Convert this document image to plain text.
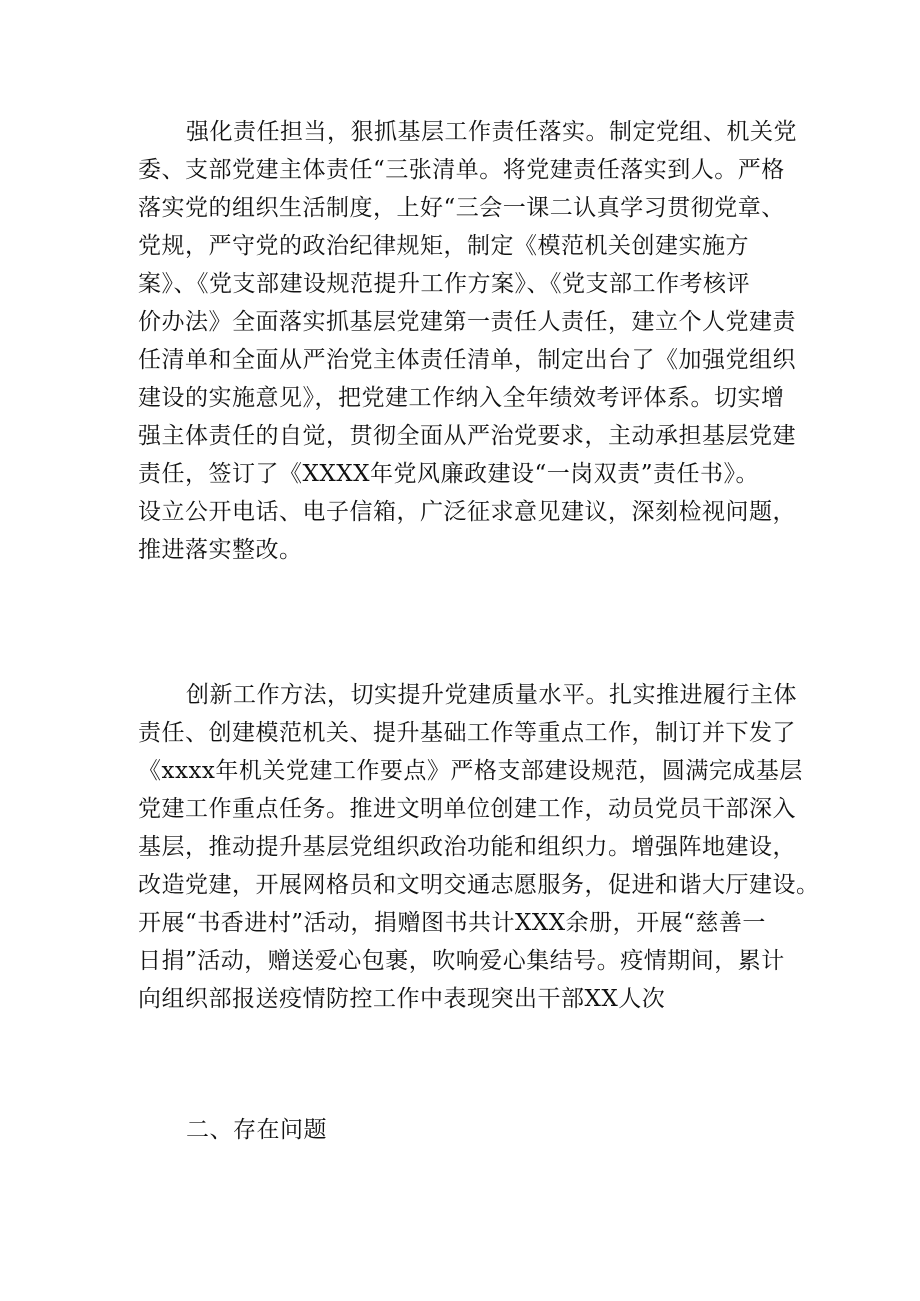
强化责任担当，狠抓基层工作责任落实。制定党组、机关党
委、支部党建主体责任“三张清单。将党建责任落实到人。严格
落实党的组织生活制度，上好“三会一课二认真学习贯彻党章、
党规，严守党的政治纪律规矩，制定《模范机关创建实施方
案》、《党支部建设规范提升工作方案》、《党支部工作考核评
价办法》全面落实抓基层党建第一责任人责任，建立个人党建责
任清单和全面从严治党主体责任清单，制定出台了《加强党组织
建设的实施意见》，把党建工作纳入全年绩效考评体系。切实增
强主体责任的自觉，贯彻全面从严治党要求，主动承担基层党建
责任，签订了《XXXX年党风廉政建设“一岗双责”责任书》。
设立公开电话、电子信箱，广泛征求意见建议，深刻检视问题，
推进落实整改。
创新工作方法，切实提升党建质量水平。扎实推进履行主体
责任、创建模范机关、提升基础工作等重点工作，制订并下发了
《xxxx年机关党建工作要点》严格支部建设规范，圆满完成基层
党建工作重点任务。推进文明单位创建工作，动员党员干部深入
基层，推动提升基层党组织政治功能和组织力。增强阵地建设，
改造党建，开展网格员和文明交通志愿服务，促进和谐大厅建设。
开展“书香进村”活动，捐赠图书共计XXX余册，开展“慈善一
日捐”活动，赠送爱心包裹，吹响爱心集结号。疫情期间，累计
向组织部报送疫情防控工作中表现突出干部XX人次
二、存在问题
